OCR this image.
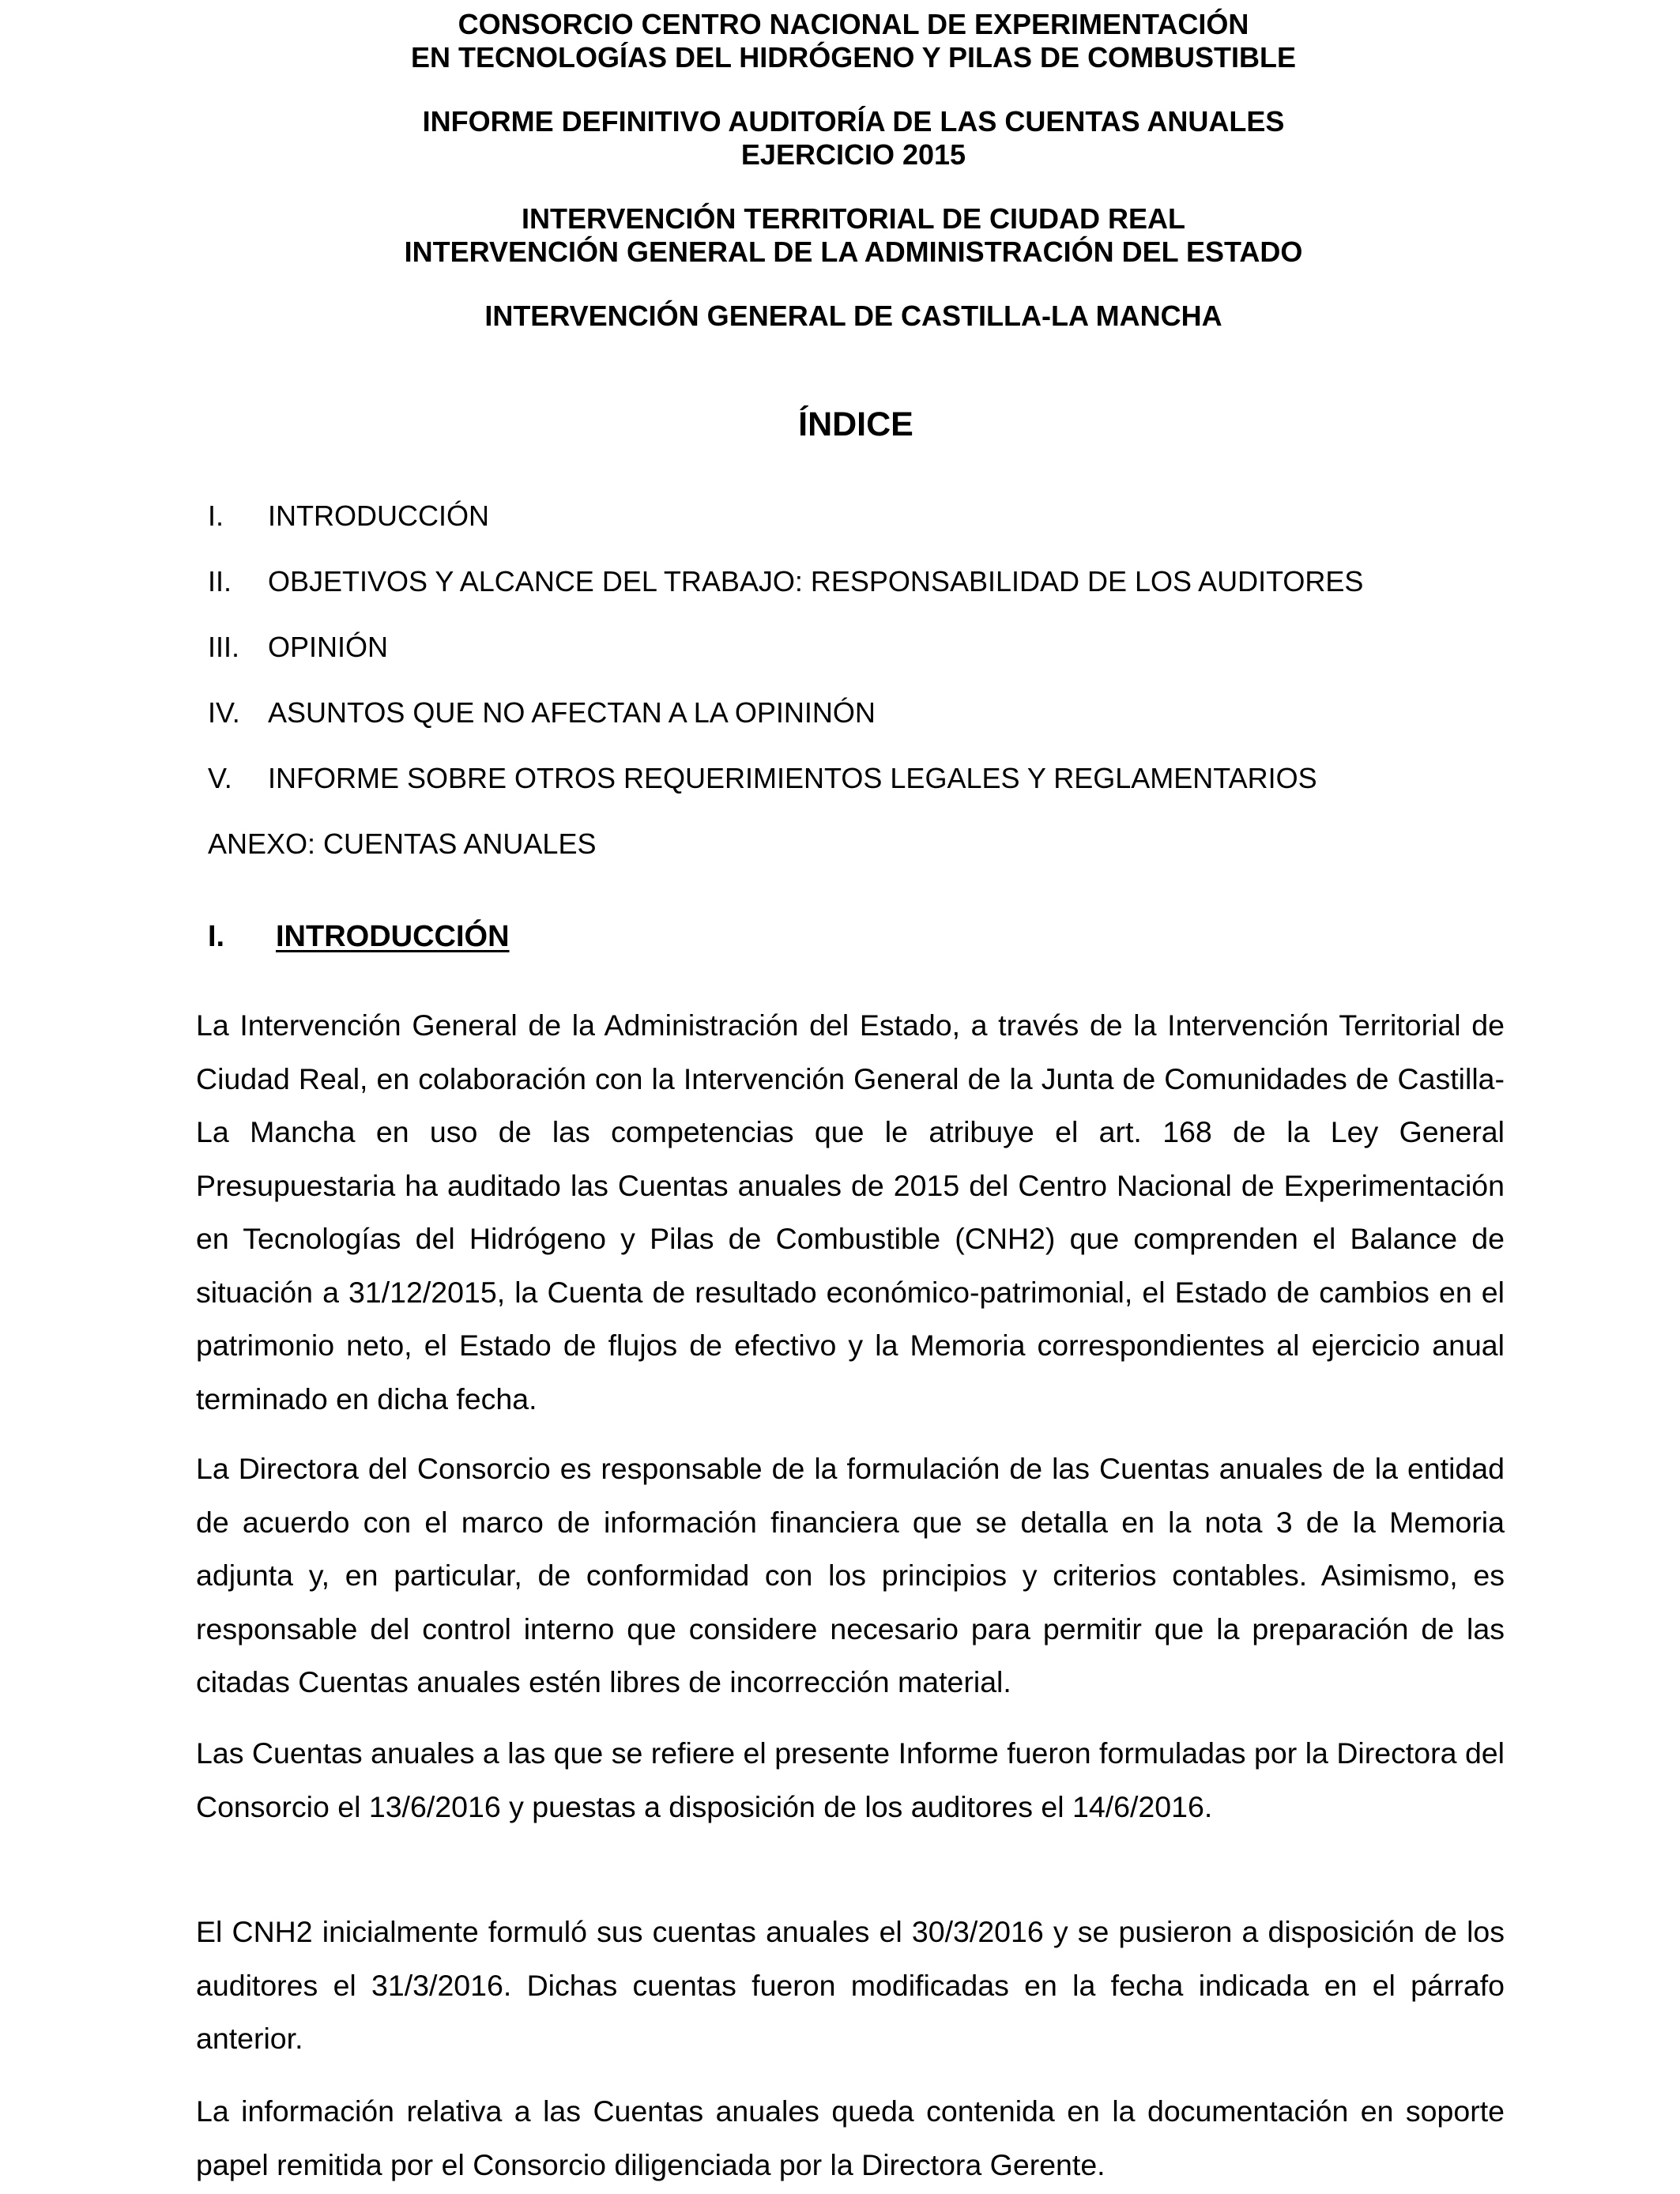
CONSORCIO CENTRO NACIONAL DE EXPERIMENTACIÓN
EN TECNOLOGÍAS DEL HIDRÓGENO Y PILAS DE COMBUSTIBLE
INFORME DEFINITIVO AUDITORÍA DE LAS CUENTAS ANUALES
EJERCICIO 2015
INTERVENCIÓN TERRITORIAL DE CIUDAD REAL
INTERVENCIÓN GENERAL DE LA ADMINISTRACIÓN DEL ESTADO
INTERVENCIÓN GENERAL DE CASTILLA-LA MANCHA
ÍNDICE
I. INTRODUCCIÓN
II. OBJETIVOS Y ALCANCE DEL TRABAJO: RESPONSABILIDAD DE LOS AUDITORES
III. OPINIÓN
IV. ASUNTOS QUE NO AFECTAN A LA OPININÓN
V. INFORME SOBRE OTROS REQUERIMIENTOS LEGALES Y REGLAMENTARIOS
ANEXO: CUENTAS ANUALES
I. INTRODUCCIÓN

La Intervención General de la Administración del Estado, a través de la Intervención Territorial de Ciudad Real, en colaboración con la Intervención General de la Junta de Comunidades de Castilla-La Mancha en uso de las competencias que le atribuye el art. 168 de la Ley General Presupuestaria ha auditado las Cuentas anuales de 2015 del Centro Nacional de Experimentación en Tecnologías del Hidrógeno y Pilas de Combustible (CNH2) que comprenden el Balance de situación a 31/12/2015, la Cuenta de resultado económico-patrimonial, el Estado de cambios en el patrimonio neto, el Estado de flujos de efectivo y la Memoria correspondientes al ejercicio anual terminado en dicha fecha.

La Directora del Consorcio es responsable de la formulación de las Cuentas anuales de la entidad de acuerdo con el marco de información financiera que se detalla en la nota 3 de la Memoria adjunta y, en particular, de conformidad con los principios y criterios contables. Asimismo, es responsable del control interno que considere necesario para permitir que la preparación de las citadas Cuentas anuales estén libres de incorrección material.

Las Cuentas anuales a las que se refiere el presente Informe fueron formuladas por la Directora del Consorcio el 13/6/2016 y puestas a disposición de los auditores el 14/6/2016.

El CNH2 inicialmente formuló sus cuentas anuales el 30/3/2016 y se pusieron a disposición de los auditores el 31/3/2016. Dichas cuentas fueron modificadas en la fecha indicada en el párrafo anterior.

La información relativa a las Cuentas anuales queda contenida en la documentación en soporte papel remitida por el Consorcio diligenciada por la Directora Gerente.
